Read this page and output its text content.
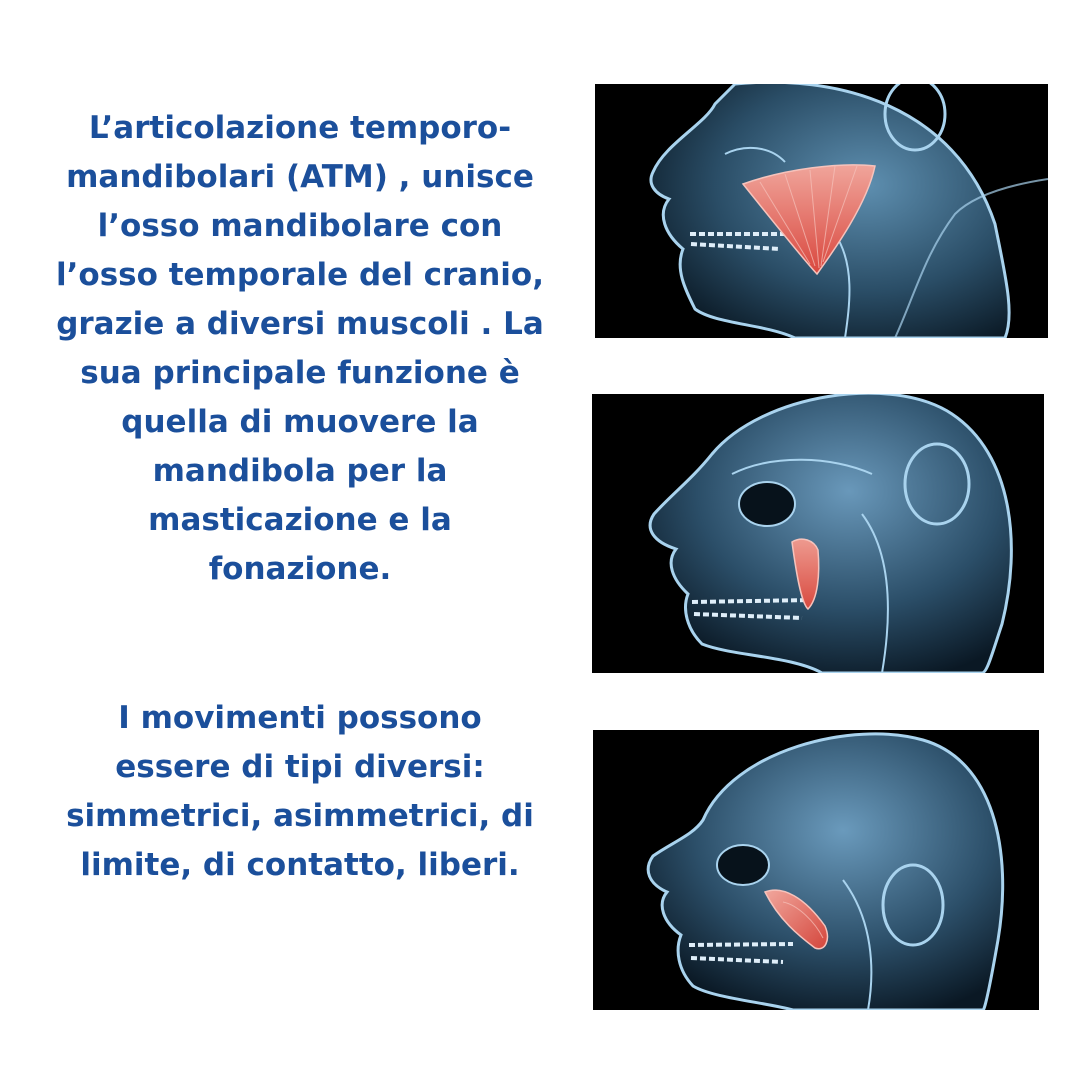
L’articolazione temporo-
mandibolari (ATM) , unisce
l’osso mandibolare con
l’osso temporale del cranio,
grazie a diversi muscoli . La
sua principale funzione è
quella di muovere la
mandibola per la
masticazione e la
fonazione.
I movimenti possono
essere di tipi diversi:
simmetrici, asimmetrici, di
limite, di contatto, liberi.
